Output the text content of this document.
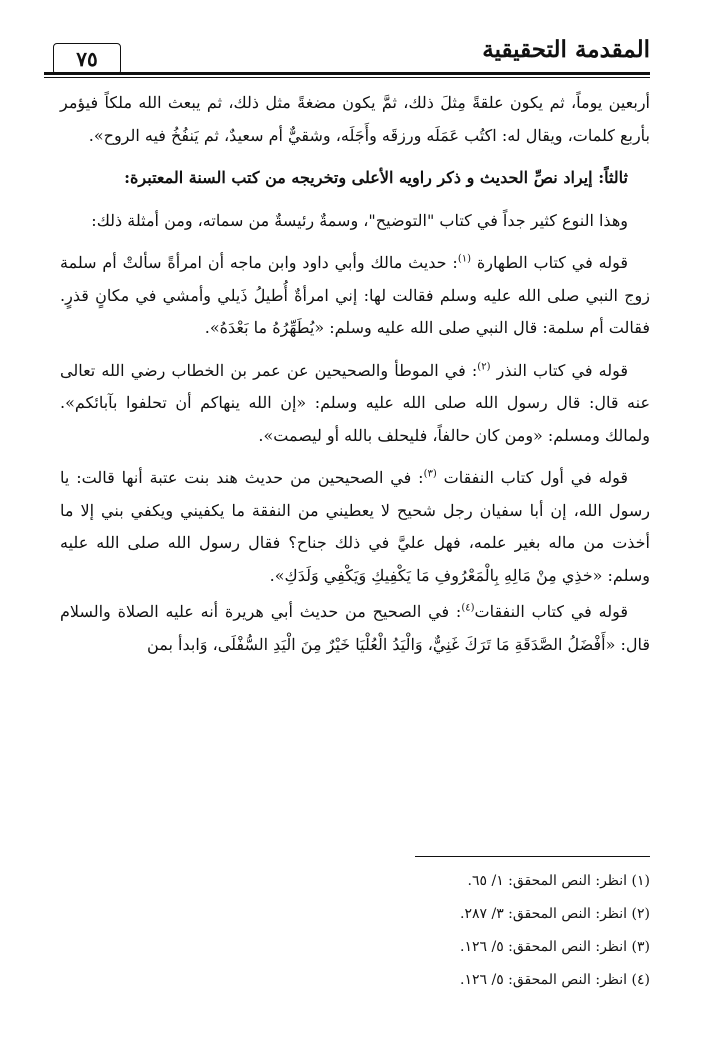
المقدمة التحقيقية
٧٥

أربعين يوماً، ثم يكون علقةً مِثلَ ذلك، ثمَّ يكون مضغةً مثل ذلك، ثم يبعث الله ملكاً فيؤمر بأربع كلمات، ويقال له: اكتُب عَمَلَه ورزقَه وأَجَلَه، وشقيٌّ أم سعيدٌ، ثم يَنفُخُ فيه الروح».

ثالثاً: إيراد نصِّ الحديث و ذكر راويه الأعلى وتخريجه من كتب السنة المعتبرة:

وهذا النوع كثير جداً في كتاب "التوضيح"، وسمةٌ رئيسةٌ من سماته، ومن أمثلة ذلك:

قوله في كتاب الطهارة $^{(١)}$: حديث مالك وأبي داود وابن ماجه أن امرأةً سألتْ أم سلمة زوج النبي صلى الله عليه وسلم فقالت لها: إني امرأةٌ أُطيلُ ذَيلي وأمشي في مكانٍ قذرٍ. فقالت أم سلمة: قال النبي صلى الله عليه وسلم: «يُطَهِّرُهُ ما بَعْدَهُ».

قوله في كتاب النذر $^{(٢)}$: في الموطأ والصحيحين عن عمر بن الخطاب رضي الله تعالى عنه قال: قال رسول الله صلى الله عليه وسلم: «إن الله ينهاكم أن تحلفوا بآبائكم». ولمالك ومسلم: «ومن كان حالفاً، فليحلف بالله أو ليصمت».

قوله في أول كتاب النفقات $^{(٣)}$: في الصحيحين من حديث هند بنت عتبة أنها قالت: يا رسول الله، إن أبا سفيان رجل شحيح لا يعطيني من النفقة ما يكفيني ويكفي بني إلا ما أخذت من ماله بغير علمه، فهل عليَّ في ذلك جناح؟ فقال رسول الله صلى الله عليه وسلم: «خذِي مِنْ مَالِهِ بِالْمَعْرُوفِ مَا يَكْفِيكِ وَيَكْفِي وَلَدَكِ».

قوله في كتاب النفقات$^{(٤)}$: في الصحيح من حديث أبي هريرة أنه عليه الصلاة والسلام قال: «أَفْضَلُ الصَّدَقَةِ مَا تَرَكَ غَنِيٌّ، وَالْيَدُ الْعُلْيَا خَيْرٌ مِنَ الْيَدِ السُّفْلَى، وَابدأ بمن

(١) انظر: النص المحقق: ١/ ٦٥.
(٢) انظر: النص المحقق: ٣/ ٢٨٧.
(٣) انظر: النص المحقق: ٥/ ١٢٦.
(٤) انظر: النص المحقق: ٥/ ١٢٦.
